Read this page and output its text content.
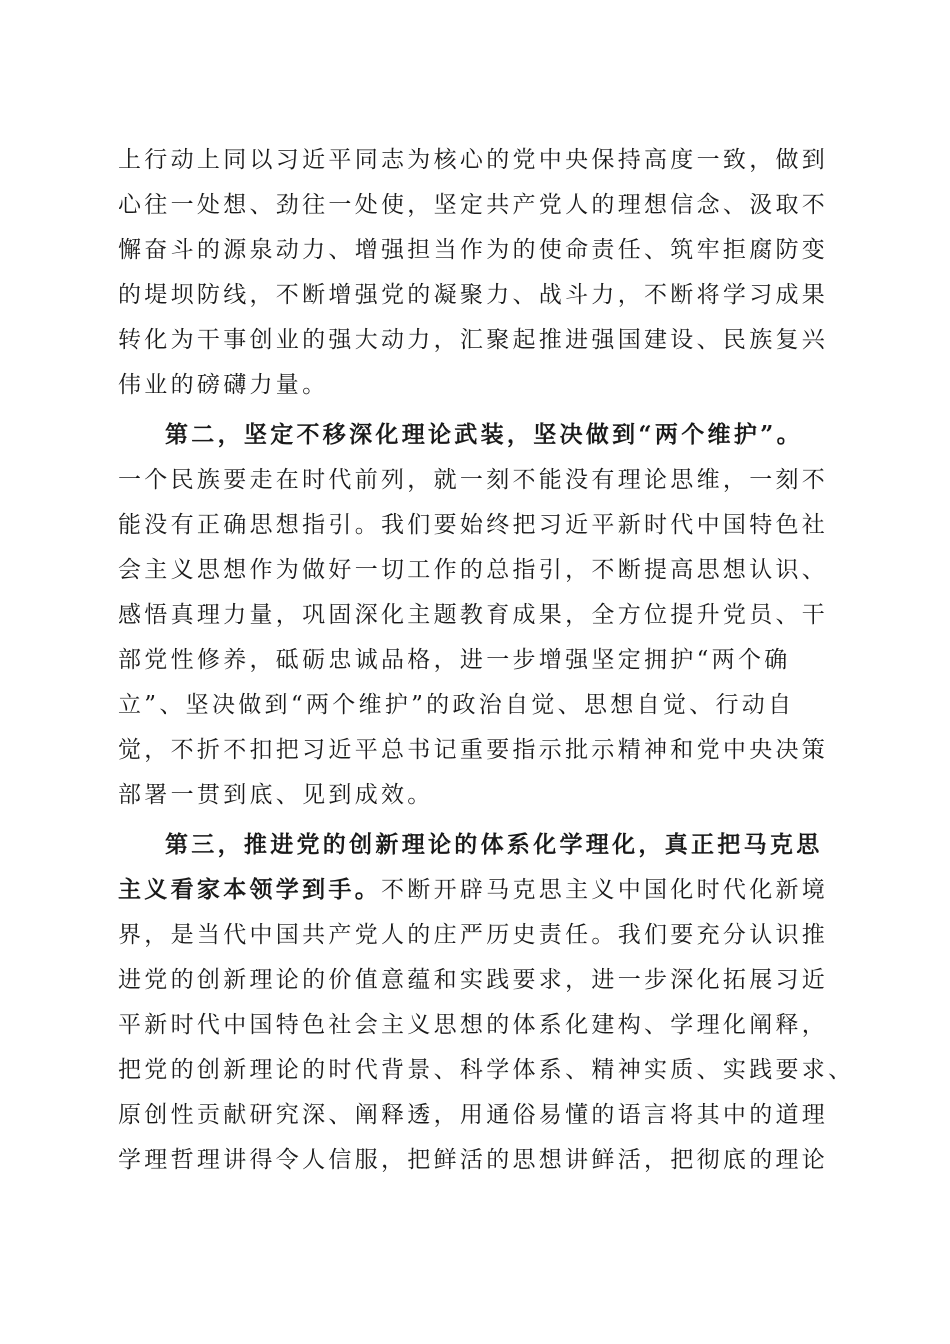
上行动上同以习近平同志为核心的党中央保持高度一致，做到
心往一处想、劲往一处使，坚定共产党人的理想信念、汲取不
懈奋斗的源泉动力、增强担当作为的使命责任、筑牢拒腐防变
的堤坝防线，不断增强党的凝聚力、战斗力，不断将学习成果
转化为干事创业的强大动力，汇聚起推进强国建设、民族复兴
伟业的磅礴力量。
第二，坚定不移深化理论武装，坚决做到“两个维护”。
一个民族要走在时代前列，就一刻不能没有理论思维，一刻不
能没有正确思想指引。我们要始终把习近平新时代中国特色社
会主义思想作为做好一切工作的总指引，不断提高思想认识、
感悟真理力量，巩固深化主题教育成果，全方位提升党员、干
部党性修养，砥砺忠诚品格，进一步增强坚定拥护“两个确
立”、坚决做到“两个维护”的政治自觉、思想自觉、行动自
觉，不折不扣把习近平总书记重要指示批示精神和党中央决策
部署一贯到底、见到成效。
第三，推进党的创新理论的体系化学理化，真正把马克思
主义看家本领学到手。不断开辟马克思主义中国化时代化新境
界，是当代中国共产党人的庄严历史责任。我们要充分认识推
进党的创新理论的价值意蕴和实践要求，进一步深化拓展习近
平新时代中国特色社会主义思想的体系化建构、学理化阐释，
把党的创新理论的时代背景、科学体系、精神实质、实践要求、
原创性贡献研究深、阐释透，用通俗易懂的语言将其中的道理
学理哲理讲得令人信服，把鲜活的思想讲鲜活，把彻底的理论
